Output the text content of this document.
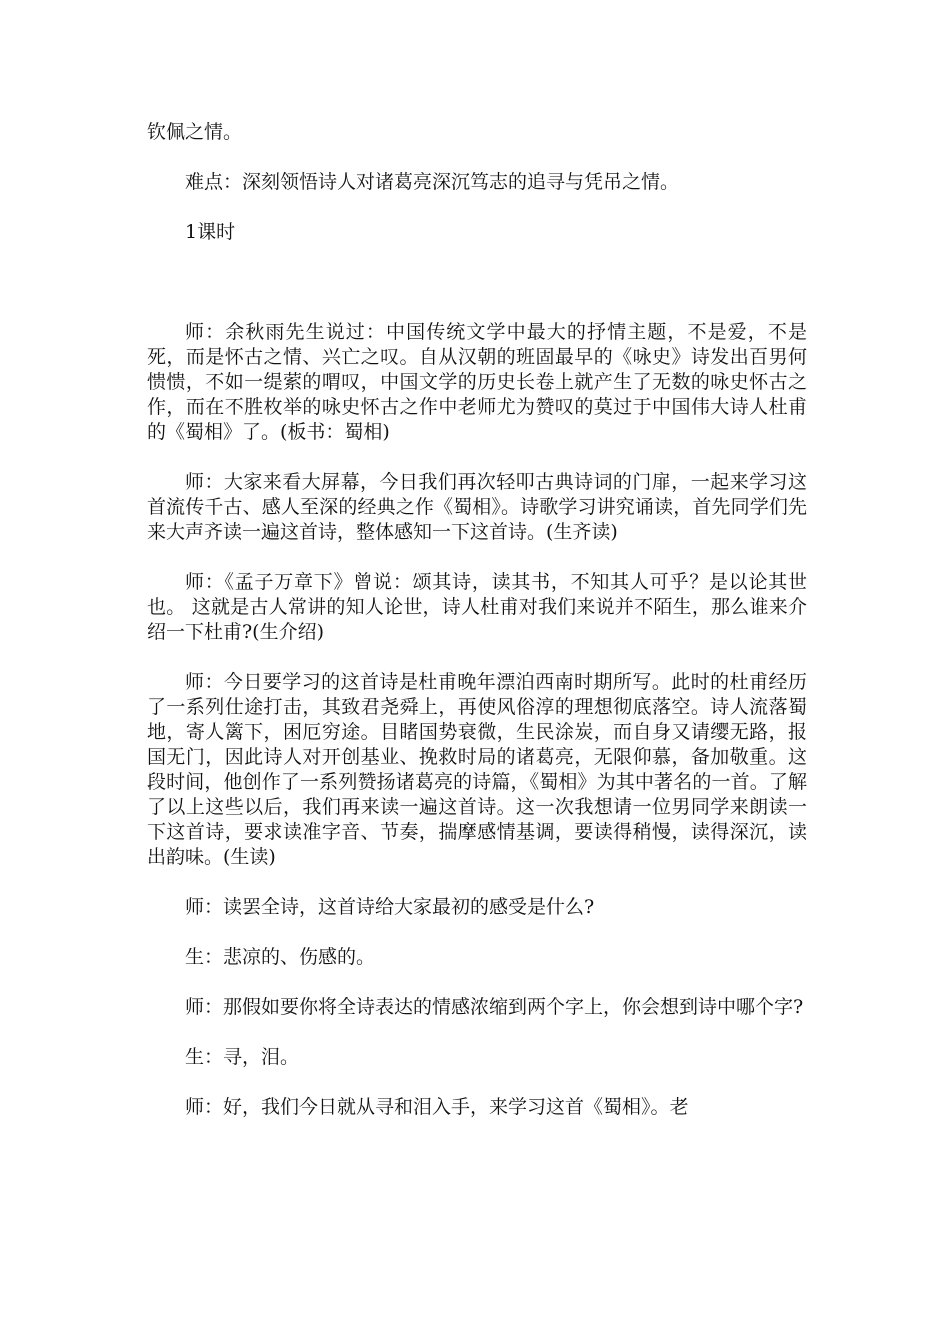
钦佩之情。

难点：深刻领悟诗人对诸葛亮深沉笃志的追寻与凭吊之情。

1课时

师：余秋雨先生说过：中国传统文学中最大的抒情主题，不是爱，不是死，而是怀古之情、兴亡之叹。自从汉朝的班固最早的《咏史》诗发出百男何愦愦，不如一缇萦的喟叹，中国文学的历史长卷上就产生了无数的咏史怀古之作，而在不胜枚举的咏史怀古之作中老师尤为赞叹的莫过于中国伟大诗人杜甫的《蜀相》了。(板书：蜀相)

师：大家来看大屏幕，今日我们再次轻叩古典诗词的门扉，一起来学习这首流传千古、感人至深的经典之作《蜀相》。诗歌学习讲究诵读，首先同学们先来大声齐读一遍这首诗，整体感知一下这首诗。(生齐读)

师：《孟子万章下》曾说：颂其诗，读其书，不知其人可乎？是以论其世也。 这就是古人常讲的知人论世，诗人杜甫对我们来说并不陌生，那么谁来介绍一下杜甫?(生介绍)

师：今日要学习的这首诗是杜甫晚年漂泊西南时期所写。此时的杜甫经历了一系列仕途打击，其致君尧舜上，再使风俗淳的理想彻底落空。诗人流落蜀地，寄人篱下，困厄穷途。目睹国势衰微，生民涂炭，而自身又请缨无路，报国无门，因此诗人对开创基业、挽救时局的诸葛亮，无限仰慕，备加敬重。这段时间，他创作了一系列赞扬诸葛亮的诗篇，《蜀相》为其中著名的一首。了解了以上这些以后，我们再来读一遍这首诗。这一次我想请一位男同学来朗读一下这首诗，要求读准字音、节奏，揣摩感情基调，要读得稍慢，读得深沉，读出韵味。(生读)

师：读罢全诗，这首诗给大家最初的感受是什么?

生：悲凉的、伤感的。

师：那假如要你将全诗表达的情感浓缩到两个字上，你会想到诗中哪个字?

生：寻，泪。

师：好，我们今日就从寻和泪入手，来学习这首《蜀相》。老
